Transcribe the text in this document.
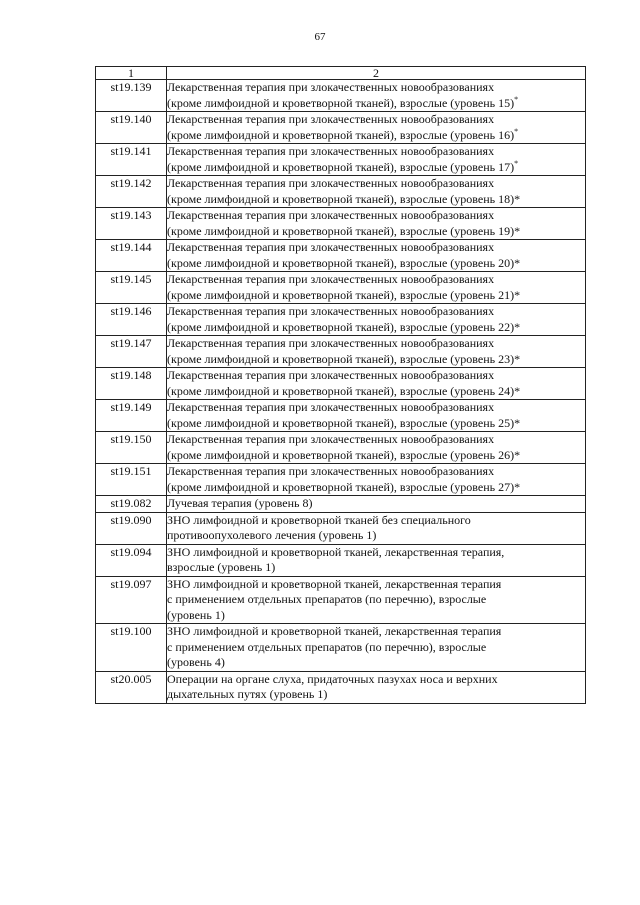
67
1	2
st19.139	Лекарственная терапия при злокачественных новообразованиях
(кроме лимфоидной и кроветворной тканей), взрослые (уровень 15)*

st19.140	Лекарственная терапия при злокачественных новообразованиях
(кроме лимфоидной и кроветворной тканей), взрослые (уровень 16)*

st19.141	Лекарственная терапия при злокачественных новообразованиях
(кроме лимфоидной и кроветворной тканей), взрослые (уровень 17)*

st19.142	Лекарственная терапия при злокачественных новообразованиях
(кроме лимфоидной и кроветворной тканей), взрослые (уровень 18)*

st19.143	Лекарственная терапия при злокачественных новообразованиях
(кроме лимфоидной и кроветворной тканей), взрослые (уровень 19)*

st19.144	Лекарственная терапия при злокачественных новообразованиях
(кроме лимфоидной и кроветворной тканей), взрослые (уровень 20)*

st19.145	Лекарственная терапия при злокачественных новообразованиях
(кроме лимфоидной и кроветворной тканей), взрослые (уровень 21)*

st19.146	Лекарственная терапия при злокачественных новообразованиях
(кроме лимфоидной и кроветворной тканей), взрослые (уровень 22)*

st19.147	Лекарственная терапия при злокачественных новообразованиях
(кроме лимфоидной и кроветворной тканей), взрослые (уровень 23)*

st19.148	Лекарственная терапия при злокачественных новообразованиях
(кроме лимфоидной и кроветворной тканей), взрослые (уровень 24)*

st19.149	Лекарственная терапия при злокачественных новообразованиях
(кроме лимфоидной и кроветворной тканей), взрослые (уровень 25)*

st19.150	Лекарственная терапия при злокачественных новообразованиях
(кроме лимфоидной и кроветворной тканей), взрослые (уровень 26)*

st19.151	Лекарственная терапия при злокачественных новообразованиях
(кроме лимфоидной и кроветворной тканей), взрослые (уровень 27)*

st19.082	Лучевая терапия (уровень 8)

st19.090	ЗНО лимфоидной и кроветворной тканей без специального
противоопухолевого лечения (уровень 1)

st19.094	ЗНО лимфоидной и кроветворной тканей, лекарственная терапия,
взрослые (уровень 1)

st19.097	ЗНО лимфоидной и кроветворной тканей, лекарственная терапия
с применением отдельных препаратов (по перечню), взрослые
(уровень 1)

st19.100	ЗНО лимфоидной и кроветворной тканей, лекарственная терапия
с применением отдельных препаратов (по перечню), взрослые
(уровень 4)

st20.005	Операции на органе слуха, придаточных пазухах носа и верхних
дыхательных путях (уровень 1)
